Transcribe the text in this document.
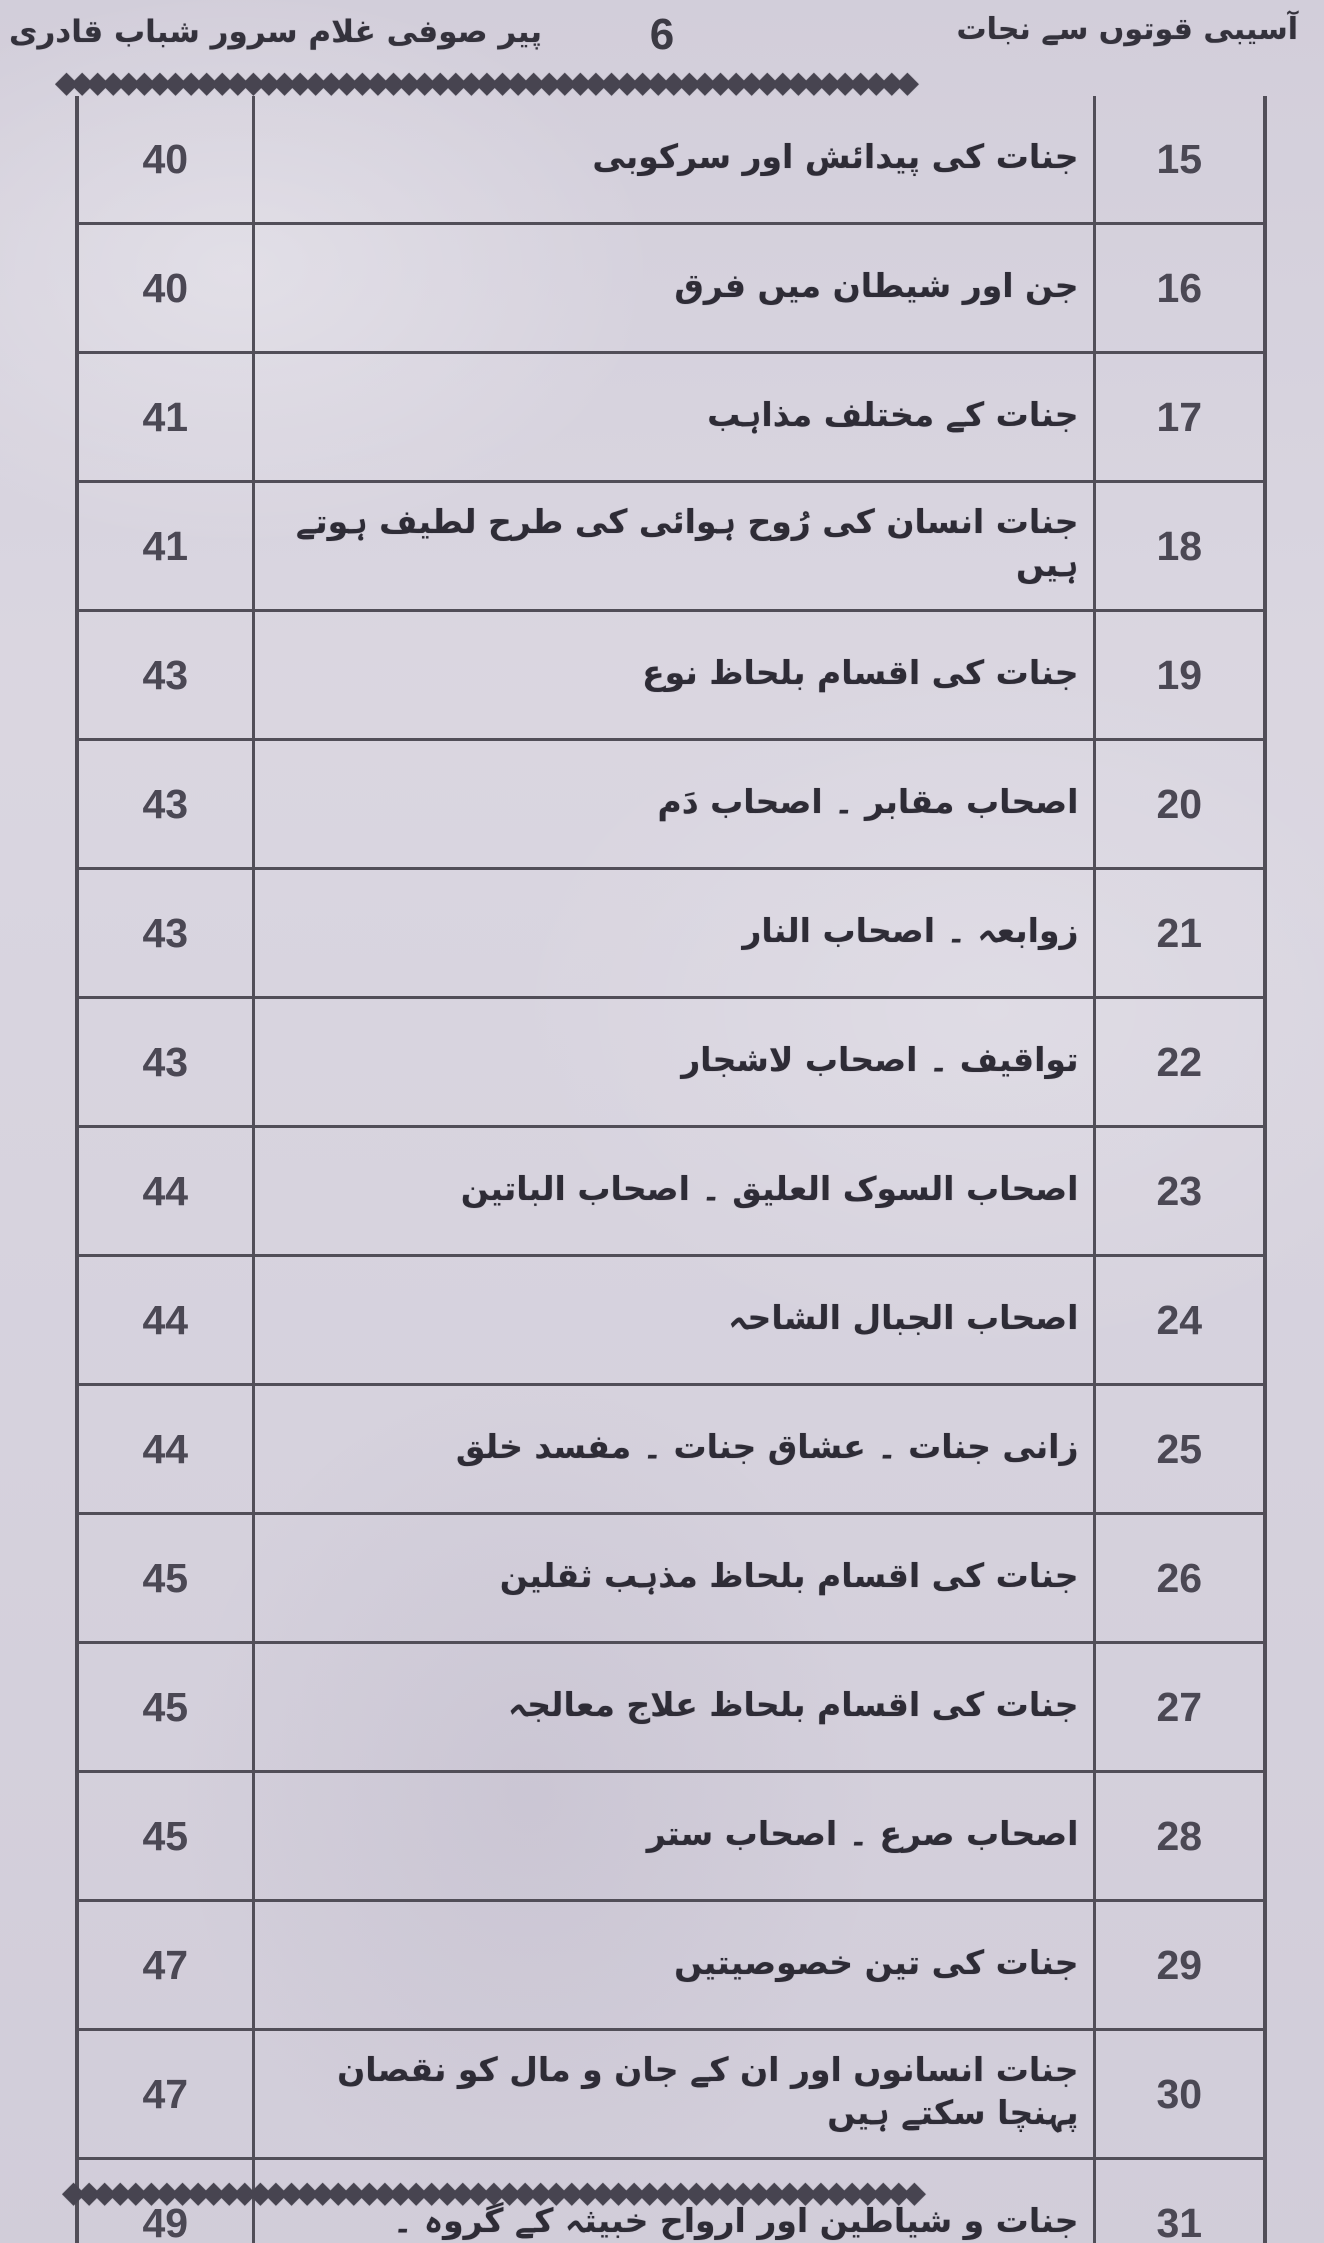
پیر صوفی غلام سرور شباب قادری 6	آسیبی قوتوں سے نجات
◆◆◆◆◆◆◆◆◆◆◆◆◆◆◆◆◆◆◆◆◆◆◆◆◆◆◆◆◆◆◆◆◆◆◆◆◆◆◆◆◆◆◆◆◆◆◆◆◆◆◆◆◆◆◆
40	جنات کی پیدائش اور سرکوبی	15
40	جن اور شیطان میں فرق	16
41	جنات کے مختلف مذاہب	17
41	جنات انسان کی رُوح ہوائی کی طرح لطیف ہوتے ہیں	18
43	جنات کی اقسام بلحاظ نوع	19
43	اصحاب مقابر ۔ اصحاب دَم	20
43	زوابعہ ۔ اصحاب النار	21
43	تواقیف ۔ اصحاب لاشجار	22
44	اصحاب السوک العلیق ۔ اصحاب الباتین	23
44	اصحاب الجبال الشاحہ	24
44	زانی جنات ۔ عشاق جنات ۔ مفسد خلق	25
45	جنات کی اقسام بلحاظ مذہب ثقلین	26
45	جنات کی اقسام بلحاظ علاج معالجہ	27
45	اصحاب صرع ۔ اصحاب ستر	28
47	جنات کی تین خصوصیتیں	29
47	جنات انسانوں اور ان کے جان و مال کو نقصان پہنچا سکتے ہیں	30
49	جنات و شیاطین اور ارواح خبیثہ کے گروہ ۔	31
◆◆◆◆◆◆◆◆◆◆◆◆◆◆◆◆◆◆◆◆◆◆◆◆◆◆◆◆◆◆◆◆◆◆◆◆◆◆◆◆◆◆◆◆◆◆◆◆◆◆◆◆◆◆◆
